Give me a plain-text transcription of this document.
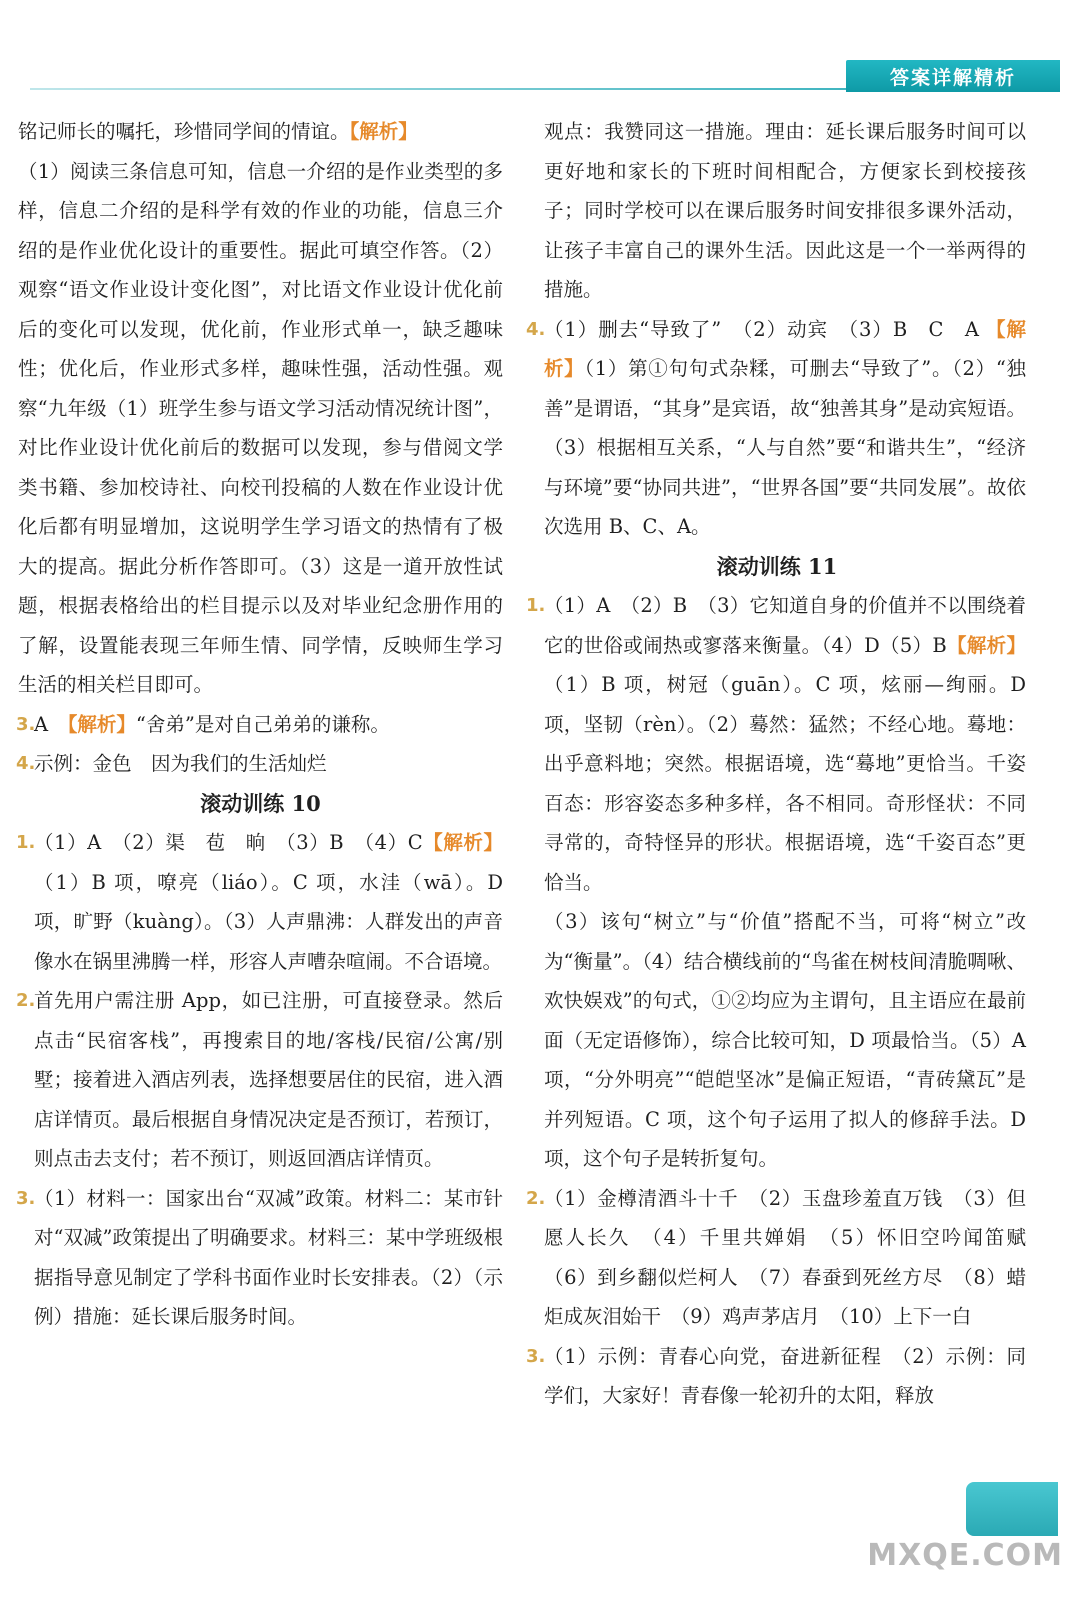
答案详解精析

铭记师长的嘱托，珍惜同学间的情谊。【解析】

（1）阅读三条信息可知，信息一介绍的是作业类型的多样，信息二介绍的是科学有效的作业的功能，信息三介绍的是作业优化设计的重要性。据此可填空作答。（2）观察“语文作业设计变化图”，对比语文作业设计优化前后的变化可以发现，优化前，作业形式单一，缺乏趣味性；优化后，作业形式多样，趣味性强，活动性强。观察“九年级（1）班学生参与语文学习活动情况统计图”，对比作业设计优化前后的数据可以发现，参与借阅文学类书籍、参加校诗社、向校刊投稿的人数在作业设计优化后都有明显增加，这说明学生学习语文的热情有了极大的提高。据此分析作答即可。（3）这是一道开放性试题，根据表格给出的栏目提示以及对毕业纪念册作用的了解，设置能表现三年师生情、同学情，反映师生学习生活的相关栏目即可。

3.
A　 【解析】“舍弟”是对自己弟弟的谦称。

4.
示例：金色　因为我们的生活灿烂

滚动训练 10

1.
（1）A　（2）渠　苞　晌　（3）B　（4）C【解析】（1）B 项，嘹亮（liáo）。C 项，水洼（wā）。D 项，旷野（kuàng）。（3）人声鼎沸：人群发出的声音像水在锅里沸腾一样，形容人声嘈杂喧闹。不合语境。

2.
首先用户需注册 App，如已注册，可直接登录。然后点击“民宿客栈”，再搜索目的地/客栈/民宿/公寓/别墅；接着进入酒店列表，选择想要居住的民宿，进入酒店详情页。最后根据自身情况决定是否预订，若预订，则点击去支付；若不预订，则返回酒店详情页。

3.
（1）材料一：国家出台“双减”政策。材料二：某市针对“双减”政策提出了明确要求。材料三：某中学班级根据指导意见制定了学科书面作业时长安排表。（2）（示例）措施：延长课后服务时间。

观点：我赞同这一措施。理由：延长课后服务时间可以更好地和家长的下班时间相配合，方便家长到校接孩子；同时学校可以在课后服务时间安排很多课外活动，让孩子丰富自己的课外生活。因此这是一个一举两得的措施。

4.
（1）删去“导致了”　（2）动宾　（3）B　C　A 【解析】（1）第①句句式杂糅，可删去“导致了”。（2）“独善”是谓语，“其身”是宾语，故“独善其身”是动宾短语。（3）根据相互关系，“人与自然”要“和谐共生”，“经济与环境”要“协同共进”，“世界各国”要“共同发展”。故依次选用 B、C、A。

滚动训练 11

1.
（1）A　（2）B　（3）它知道自身的价值并不以围绕着它的世俗或闹热或寥落来衡量。（4）D（5）B【解析】（1）B 项，树冠（guān）。C 项，炫丽—绚丽。D 项，坚韧（rèn）。（2）蓦然：猛然；不经心地。蓦地：出乎意料地；突然。根据语境，选“蓦地”更恰当。千姿百态：形容姿态多种多样，各不相同。奇形怪状：不同寻常的，奇特怪异的形状。根据语境，选“千姿百态”更恰当。

（3）该句“树立”与“价值”搭配不当，可将“树立”改为“衡量”。（4）结合横线前的“鸟雀在树枝间清脆啁啾、欢快娱戏”的句式，①②均应为主谓句，且主语应在最前面（无定语修饰），综合比较可知，D 项最恰当。（5）A 项，“分外明亮”“皑皑坚冰”是偏正短语，“青砖黛瓦”是并列短语。C 项，这个句子运用了拟人的修辞手法。D 项，这个句子是转折复句。

2.
（1）金樽清酒斗十千　（2）玉盘珍羞直万钱　（3）但愿人长久　（4）千里共婵娟　（5）怀旧空吟闻笛赋　（6）到乡翻似烂柯人　（7）春蚕到死丝方尽　（8）蜡炬成灰泪始干　（9）鸡声茅店月　（10）上下一白

3.
（1）示例：青春心向党，奋进新征程　（2）示例：同学们，大家好！青春像一轮初升的太阳，释放

MXQE.COM
